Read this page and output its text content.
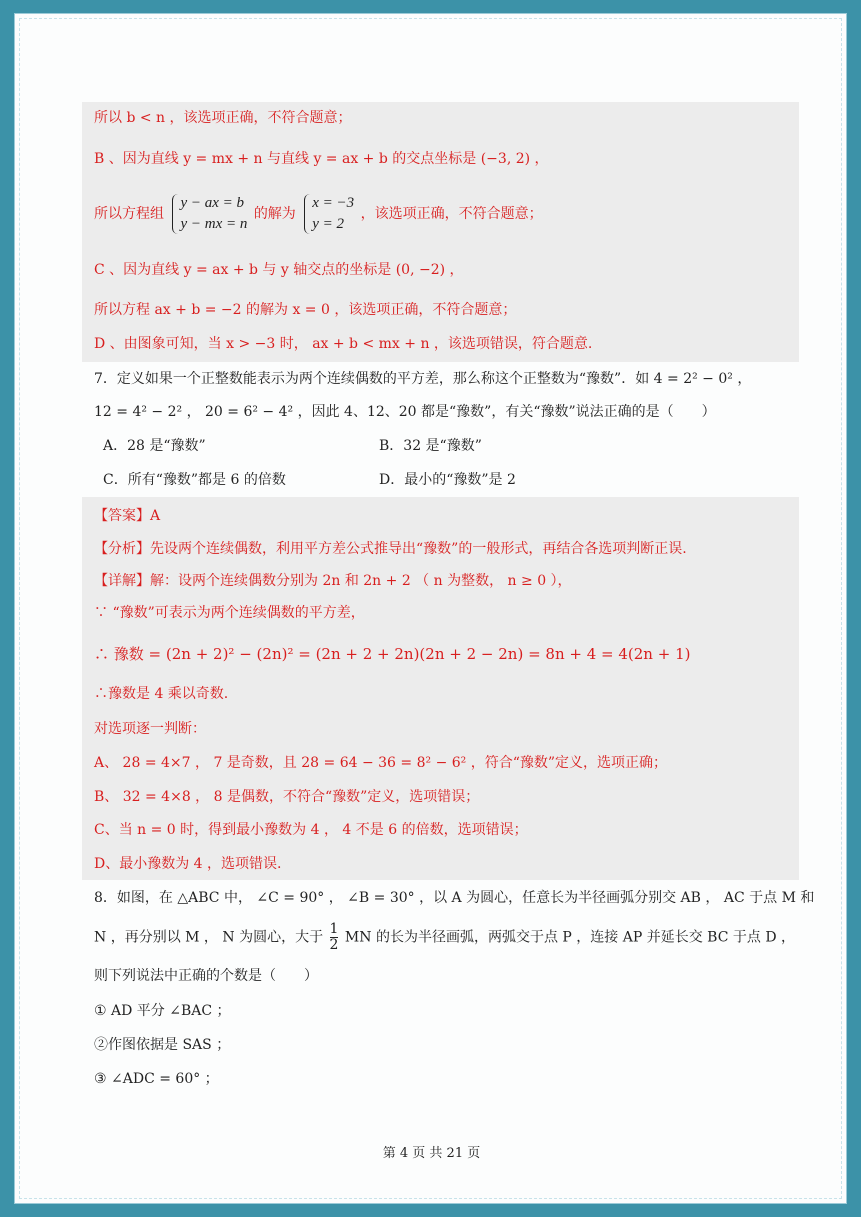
所以 b < n ，该选项正确，不符合题意；
B 、因为直线 y = mx + n 与直线 y = ax + b 的交点坐标是 (−3, 2) ，
所以方程组
y − ax = b
y − mx = n
的解为
x = −3
y = 2
，该选项正确，不符合题意；
C 、因为直线 y = ax + b 与 y 轴交点的坐标是 (0, −2) ，
所以方程 ax + b = −2 的解为 x = 0 ，该选项正确，不符合题意；
D 、由图象可知，当 x > −3 时， ax + b < mx + n ，该选项错误，符合题意.
7．定义如果一个正整数能表示为两个连续偶数的平方差，那么称这个正整数为“豫数”．如 4 = 2² − 0² ，
12 = 4² − 2² ， 20 = 6² − 4² ，因此 4、12、20 都是“豫数”，有关“豫数”说法正确的是（　　）
A．28 是“豫数”	B．32 是“豫数”
C．所有“豫数”都是 6 的倍数	D．最小的“豫数”是 2
【答案】A
【分析】先设两个连续偶数，利用平方差公式推导出“豫数”的一般形式，再结合各选项判断正误.
【详解】解：设两个连续偶数分别为 2n 和 2n + 2 （ n 为整数， n ≥ 0 ），
∵ “豫数”可表示为两个连续偶数的平方差，
∴ 豫数 = (2n + 2)² − (2n)² = (2n + 2 + 2n)(2n + 2 − 2n) = 8n + 4 = 4(2n + 1)
∴豫数是 4 乘以奇数.
对选项逐一判断：
A、 28 = 4×7 ， 7 是奇数，且 28 = 64 − 36 = 8² − 6² ，符合“豫数”定义，选项正确；
B、 32 = 4×8 ， 8 是偶数，不符合“豫数”定义，选项错误；
C、当 n = 0 时，得到最小豫数为 4 ， 4 不是 6 的倍数，选项错误；
D、最小豫数为 4 ，选项错误.
8．如图，在 △ABC 中， ∠C = 90° ， ∠B = 30° ，以 A 为圆心，任意长为半径画弧分别交 AB ， AC 于点 M 和
N ，再分别以 M ， N 为圆心，大于 $\frac{1}{2}$ MN 的长为半径画弧，两弧交于点 P ，连接 AP 并延长交 BC 于点 D ，
则下列说法中正确的个数是（　　）
① AD 平分 ∠BAC ；
②作图依据是 SAS ；
③ ∠ADC = 60° ；
第 4 页 共 21 页
